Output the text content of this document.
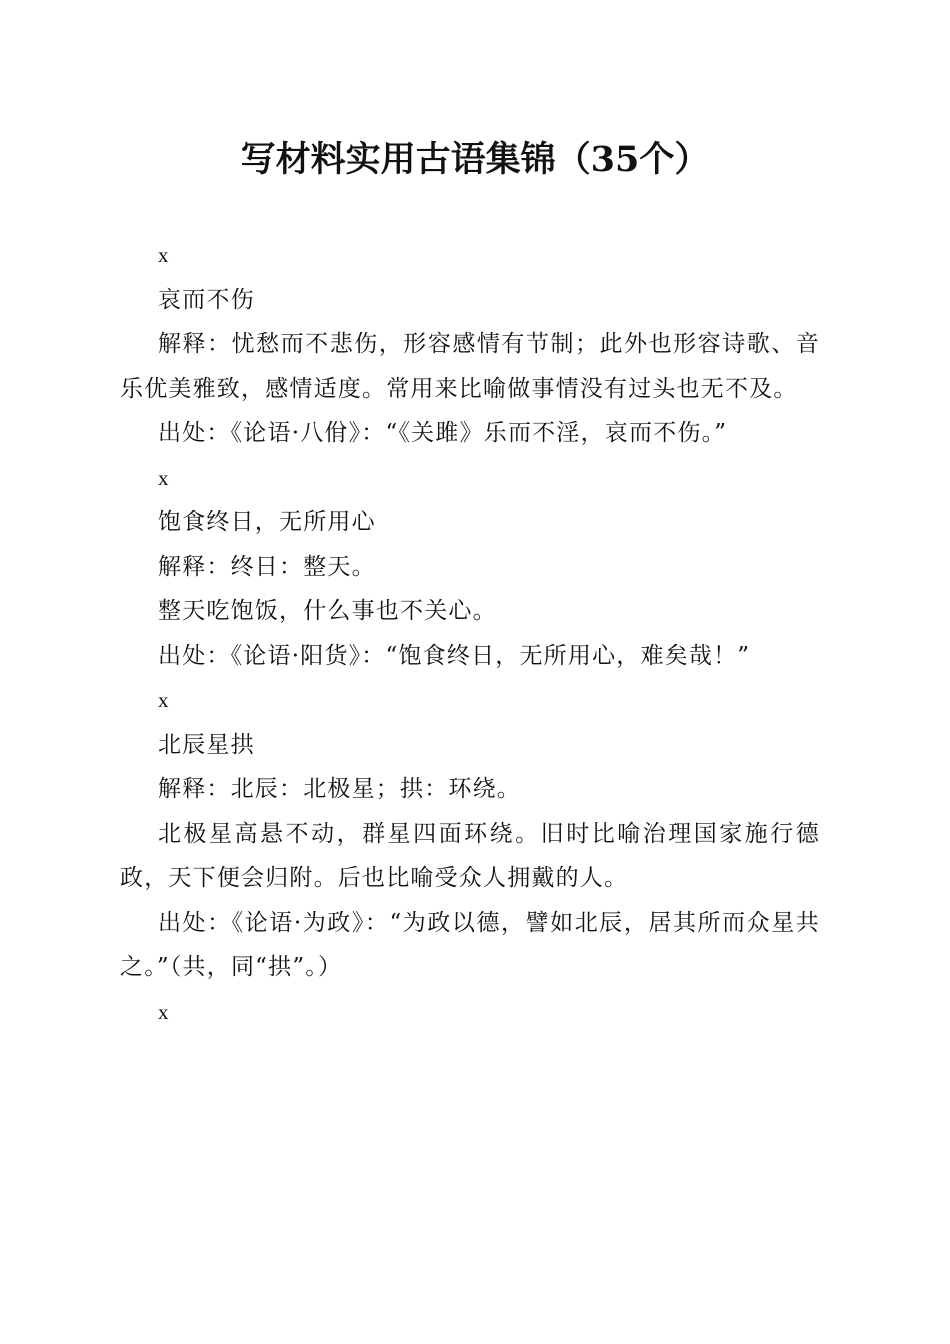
写材料实用古语集锦（35个）

x

哀而不伤

解释：忧愁而不悲伤，形容感情有节制；此外也形容诗歌、音乐优美雅致，感情适度。常用来比喻做事情没有过头也无不及。

出处：《论语·八佾》：“《关雎》乐而不淫，哀而不伤。”

x

饱食终日，无所用心

解释：终日：整天。

整天吃饱饭，什么事也不关心。

出处：《论语·阳货》：“饱食终日，无所用心，难矣哉！”

x

北辰星拱

解释：北辰：北极星；拱：环绕。

北极星高悬不动，群星四面环绕。旧时比喻治理国家施行德政，天下便会归附。后也比喻受众人拥戴的人。

出处：《论语·为政》：“为政以德，譬如北辰，居其所而众星共之。”（共，同“拱”。）

x
